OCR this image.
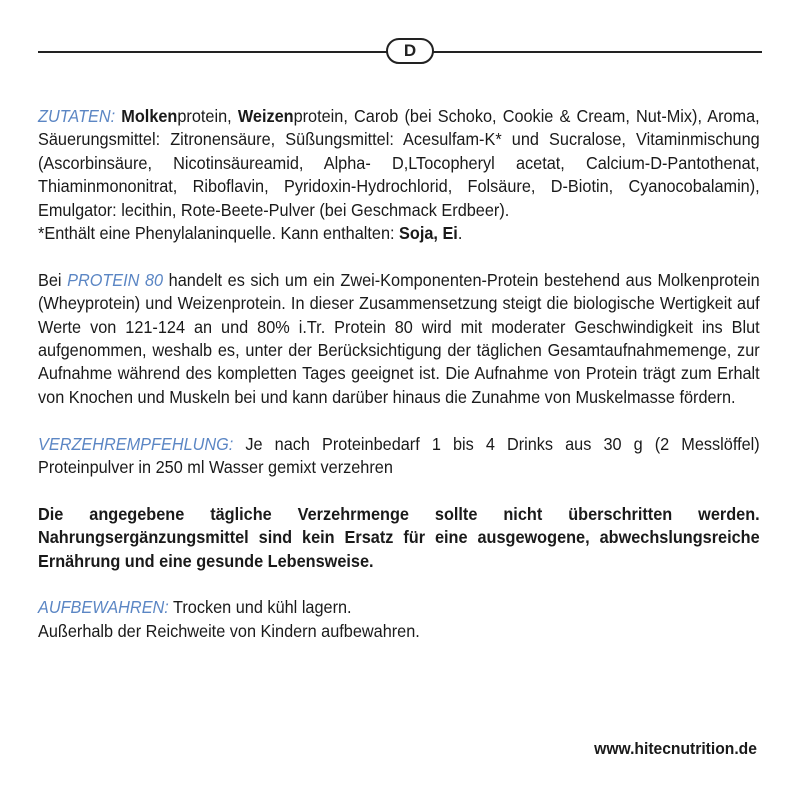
D

ZUTATEN: Molkenprotein, Weizenprotein, Carob (bei Schoko, Cookie & Cream, Nut-Mix), Aroma, Säuerungsmittel: Zitronensäure, Süßungsmittel: Acesulfam-K* und Sucralose, Vitaminmischung (Ascorbinsäure, Nicotinsäureamid, Alpha- D,LTocopheryl acetat, Calcium-D-Pantothenat, Thiaminmononitrat, Riboflavin, Pyridoxin-Hydrochlorid, Folsäure, D-Biotin, Cyanocobalamin), Emulgator: lecithin, Rote-Beete-Pulver (bei Geschmack Erdbeer).

*Enthält eine Phenylalaninquelle. Kann enthalten: Soja, Ei.

Bei PROTEIN 80 handelt es sich um ein Zwei-Komponenten-Protein bestehend aus Molkenprotein (Wheyprotein) und Weizenprotein. In dieser Zusammensetzung steigt die biologische Wertigkeit auf Werte von 121-124 an und 80% i.Tr. Protein 80 wird mit moderater Geschwindigkeit ins Blut aufgenommen, weshalb es, unter der Berücksichtigung der täglichen Gesamtaufnahmemenge, zur Aufnahme während des kompletten Tages geeignet ist. Die Aufnahme von Protein trägt zum Erhalt von Knochen und Muskeln bei und kann darüber hinaus die Zunahme von Muskelmasse fördern.

VERZEHREMPFEHLUNG: Je nach Proteinbedarf 1 bis 4 Drinks aus 30 g (2 Messlöffel) Proteinpulver in 250 ml Wasser gemixt verzehren

Die angegebene tägliche Verzehrmenge sollte nicht überschritten werden. Nahrungsergänzungsmittel sind kein Ersatz für eine ausgewogene, abwechslungsreiche Ernährung und eine gesunde Lebensweise.

AUFBEWAHREN: Trocken und kühl lagern.

Außerhalb der Reichweite von Kindern aufbewahren.

www.hitecnutrition.de
